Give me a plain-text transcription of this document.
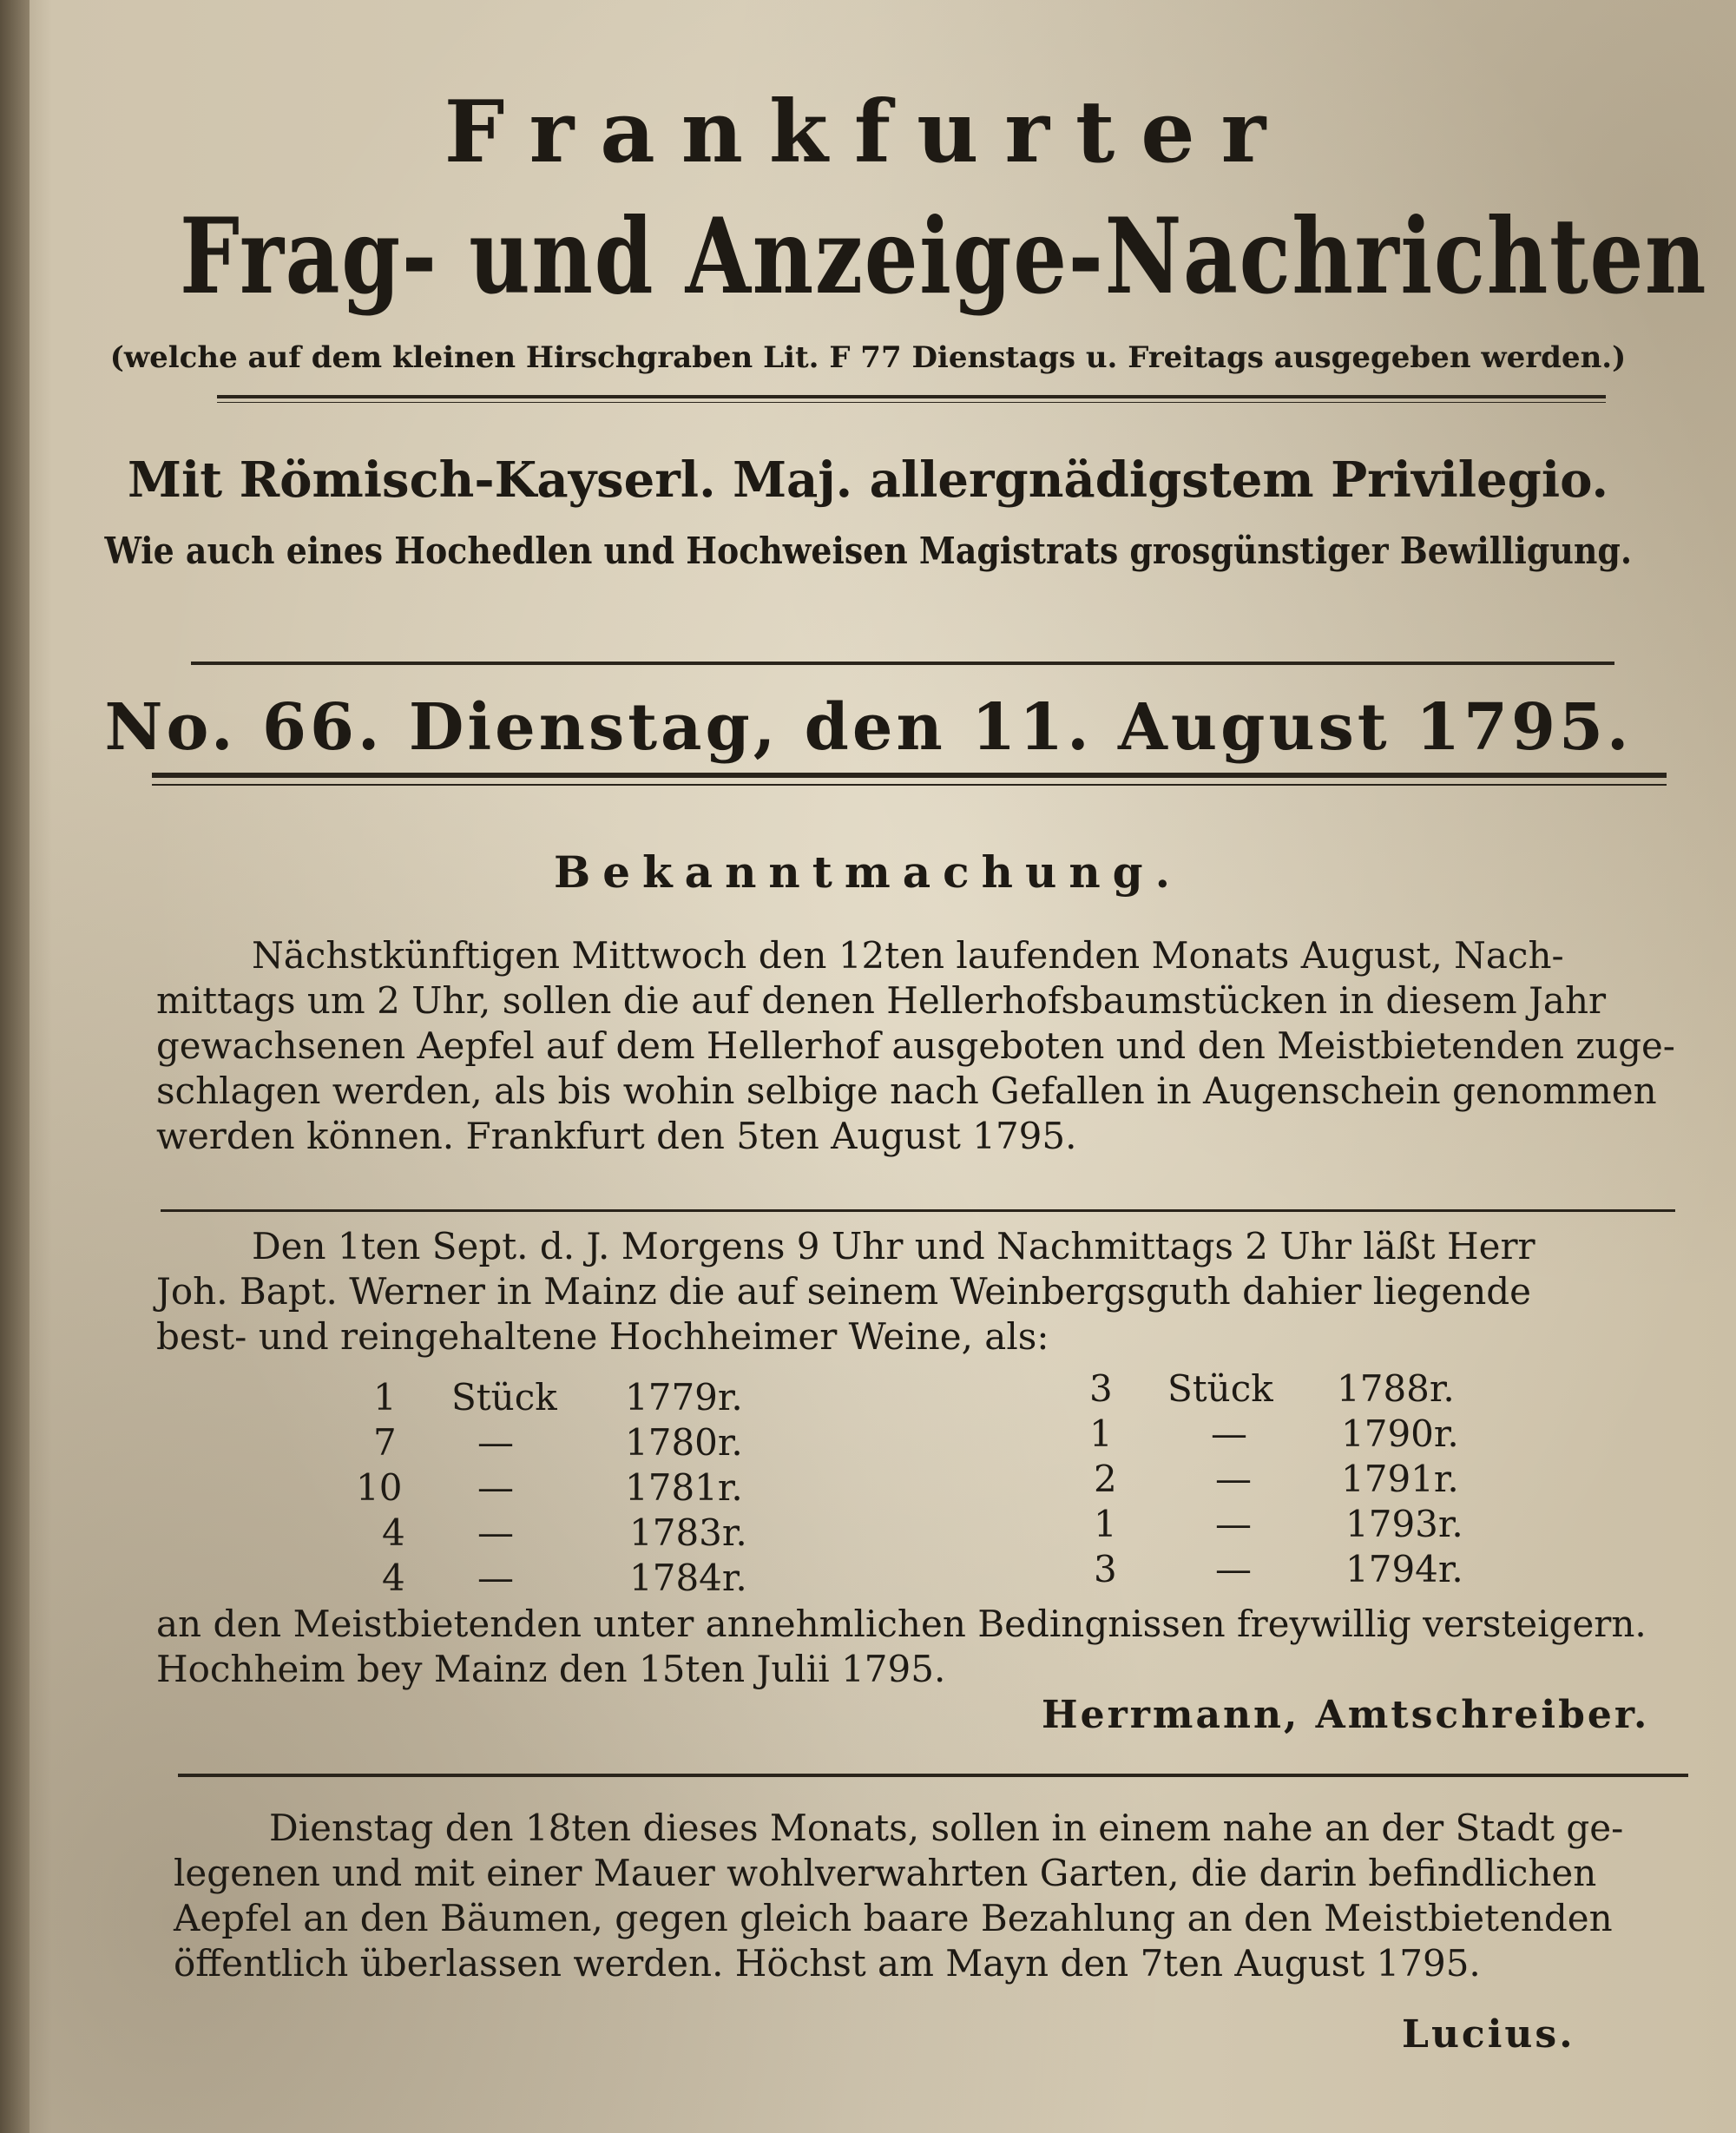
Frankfurter
Frag- und Anzeige-Nachrichten
(welche auf dem kleinen Hirschgraben Lit. F 77 Dienstags u. Freitags ausgegeben werden.)
Mit Römisch-Kayserl. Maj. allergnädigstem Privilegio.
Wie auch eines Hochedlen und Hochweisen Magistrats grosgünstiger Bewilligung.
No. 66. Dienstag, den 11. August 1795.
Bekanntmachung.
Nächstkünftigen Mittwoch den 12ten laufenden Monats August, Nach-
mittags um 2 Uhr, sollen die auf denen Hellerhofsbaumstücken in diesem Jahr
gewachsenen Aepfel auf dem Hellerhof ausgeboten und den Meistbietenden zuge-
schlagen werden, als bis wohin selbige nach Gefallen in Augenschein genommen
werden können. Frankfurt den 5ten August 1795.
Den 1ten Sept. d. J. Morgens 9 Uhr und Nachmittags 2 Uhr läßt Herr
Joh. Bapt. Werner in Mainz die auf seinem Weinbergsguth dahier liegende
best- und reingehaltene Hochheimer Weine, als:
1 Stück 1779r.
7 —	1780r.
10 —	1781r.
4 —	1783r.
4 —	1784r.
3 Stück 1788r.
1	—	1790r.
2	— 1791r.
1	—	1793r.
3	—	1794r.
an den Meistbietenden unter annehmlichen Bedingnissen freywillig versteigern.
Hochheim bey Mainz den 15ten Julii 1795.
Herrmann, Amtschreiber.
Dienstag den 18ten dieses Monats, sollen in einem nahe an der Stadt ge-
legenen und mit einer Mauer wohlverwahrten Garten, die darin befindlichen
Aepfel an den Bäumen, gegen gleich baare Bezahlung an den Meistbietenden
öffentlich überlassen werden. Höchst am Mayn den 7ten August 1795.
Lucius.
